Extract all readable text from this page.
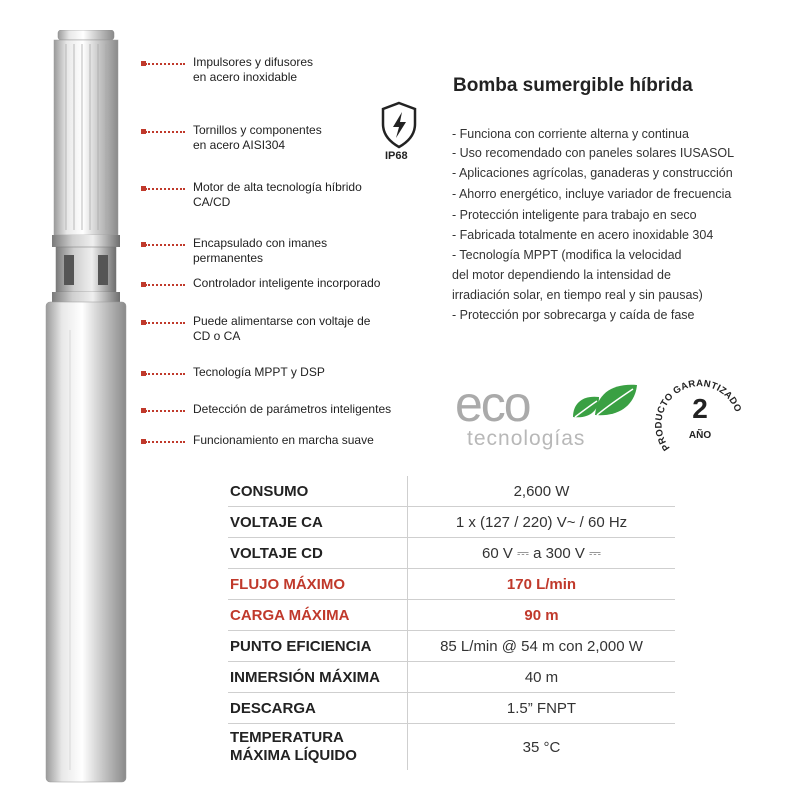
Impulsores y difusores
en acero inoxidable
Tornillos y componentes
en acero AISI304
Motor de alta tecnología híbrido
CA/CD
Encapsulado con imanes
permanentes
Controlador inteligente incorporado
Puede alimentarse con voltaje de
CD o CA
Tecnología MPPT y DSP
Detección de parámetros inteligentes
Funcionamiento en marcha suave
IP68
Bomba sumergible híbrida
- Funciona con corriente alterna y continua
- Uso recomendado con paneles solares IUSASOL
- Aplicaciones agrícolas, ganaderas y construcción
- Ahorro energético, incluye variador de frecuencia
- Protección inteligente para trabajo en seco
- Fabricada totalmente en acero inoxidable 304
- Tecnología MPPT (modifica la velocidad
del motor dependiendo la intensidad de
irradiación solar, en tiempo real y sin pausas)
- Protección por sobrecarga y caída de fase
eco
tecnologías	PRODUCTO GARANTIZADO
2
AÑO
CONSUMO	2,600 W
VOLTAJE CA	1 x (127 / 220) V~ / 60 Hz
VOLTAJE CD	60 V ⎓ a 300 V ⎓
FLUJO MÁXIMO	170 L/min
CARGA MÁXIMA	90 m
PUNTO EFICIENCIA	85 L/min @ 54 m con 2,000 W
INMERSIÓN MÁXIMA	40 m
DESCARGA	1.5” FNPT
TEMPERATURA
MÁXIMA LÍQUIDO	35 °C
